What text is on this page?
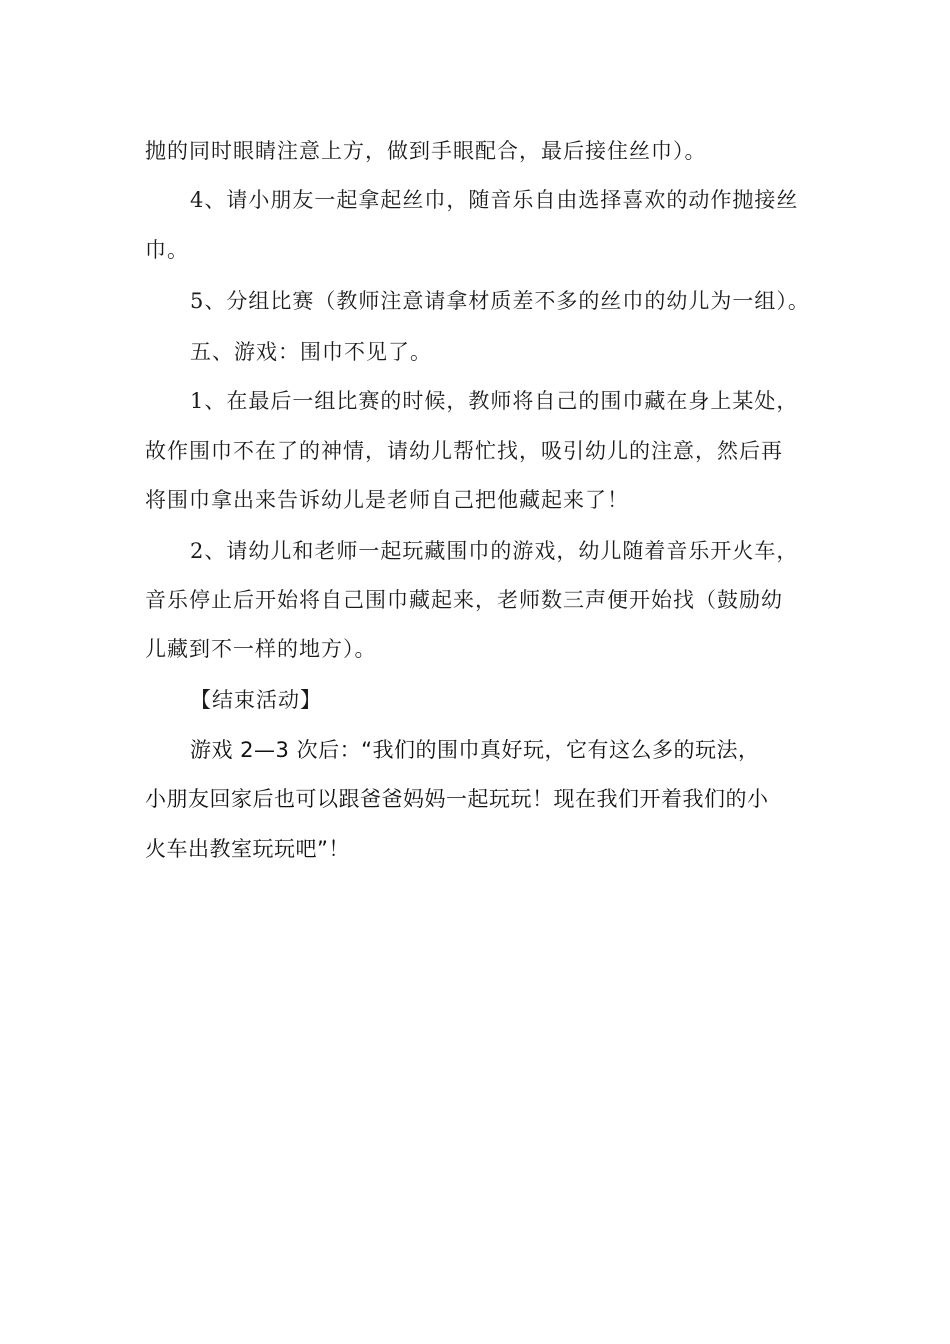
抛的同时眼睛注意上方，做到手眼配合，最后接住丝巾）。
4、请小朋友一起拿起丝巾，随音乐自由选择喜欢的动作抛接丝
巾。
5、分组比赛（教师注意请拿材质差不多的丝巾的幼儿为一组）。
五、游戏：围巾不见了。
1、在最后一组比赛的时候，教师将自己的围巾藏在身上某处，
故作围巾不在了的神情，请幼儿帮忙找，吸引幼儿的注意，然后再
将围巾拿出来告诉幼儿是老师自己把他藏起来了！
2、请幼儿和老师一起玩藏围巾的游戏，幼儿随着音乐开火车，
音乐停止后开始将自己围巾藏起来，老师数三声便开始找（鼓励幼
儿藏到不一样的地方）。
【结束活动】
游戏 2—3 次后：“我们的围巾真好玩，它有这么多的玩法，
小朋友回家后也可以跟爸爸妈妈一起玩玩！现在我们开着我们的小
火车出教室玩玩吧”！
